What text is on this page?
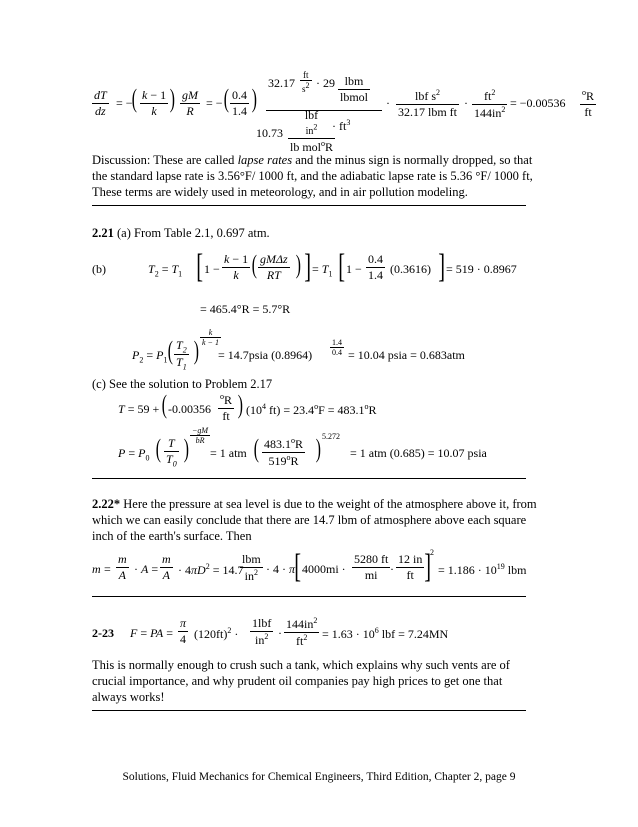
$\frac{dT}{dz}$ = − ( $\frac{k - 1}{k}$ ) $\frac{gM}{R}$ = − ( $\frac{0.4}{1.4}$ )
$32.17 \frac{ft}{s2} \cdot 29$ lbm
lbmol
10.73
lbf
$in^2$
lb mol$^o$R
· $ft^3$
·	lbf $s^2$
32.17 lbm ft
· $\frac{ft^2}{144in^2} = -0.00536 \frac{^oR}{ft}$
Discussion: These are called lapse rates and the minus sign is normally dropped, so that the standard lapse rate is 3.56°F/ 1000 ft, and the adiabatic lapse rate is 5.36 °F/ 1000 ft, These terms are widely used in meteorology, and in air pollution modeling.
2.21 (a) From Table 2.1, 0.697 atm.
(b)	$T_2 = T_1$ [ $1 - \frac{k - 1}{k}$ ( gMΔz
RT ) ] = $T_1$ [ $1 - \frac{0.4}{1.4} (0.3616)$ ] = 519 · 0.8967
= 465.4°R = 5.7°R
$P_2 = P_1$ ( $\frac{T_2}{T_1}$ ) $\frac{k}{k - 1}$
= 14.7psia $(0.8964) \frac{1.4}{0.4} = 10.04$ psia = 0.683atm
(c) See the solution to Problem 2.17
T = 59 + ( $-0.00356 \frac{^oR}{ft}$ ) ($10^4$ $ft) = 23.4^oF = 483.1^oR$
$P = P_0$ ( $\frac{T}{T_0}$ ) $\frac{-gM}{bR}$
= 1 atm ( $\frac{483.1^oR}{519^oR}$ ) 5.272
= 1 atm (0.685) = 10.07 psia
2.22* Here the pressure at sea level is due to the weight of the atmosphere above it, from which we can easily conclude that there are 14.7 lbm of atmosphere above each square inch of the earth's surface. Then
$m = \frac{m}{A} \cdot A = \frac{m}{A} \cdot 4\pi D^2 = 14.7$
lbm
$in^2 \cdot 4 \cdot \pi$ [ $4000mi \cdot \frac{5280 ft}{mi} \cdot \frac{12 in}{ft}$ ]
2
= $1.186 \cdot 10^{19}$ lbm
2-23 F = PA = $\frac{\pi}{4} (120ft)^2$ ·
1lbf
$in^2 \cdot \frac{144in^2}{ft^2} = 1.63 \cdot 10^6$ lbf = 7.24MN
This is normally enough to crush such a tank, which explains why such vents are of crucial importance, and why prudent oil companies pay high prices to get one that always works!
Solutions, Fluid Mechanics for Chemical Engineers, Third Edition, Chapter 2, page 9
